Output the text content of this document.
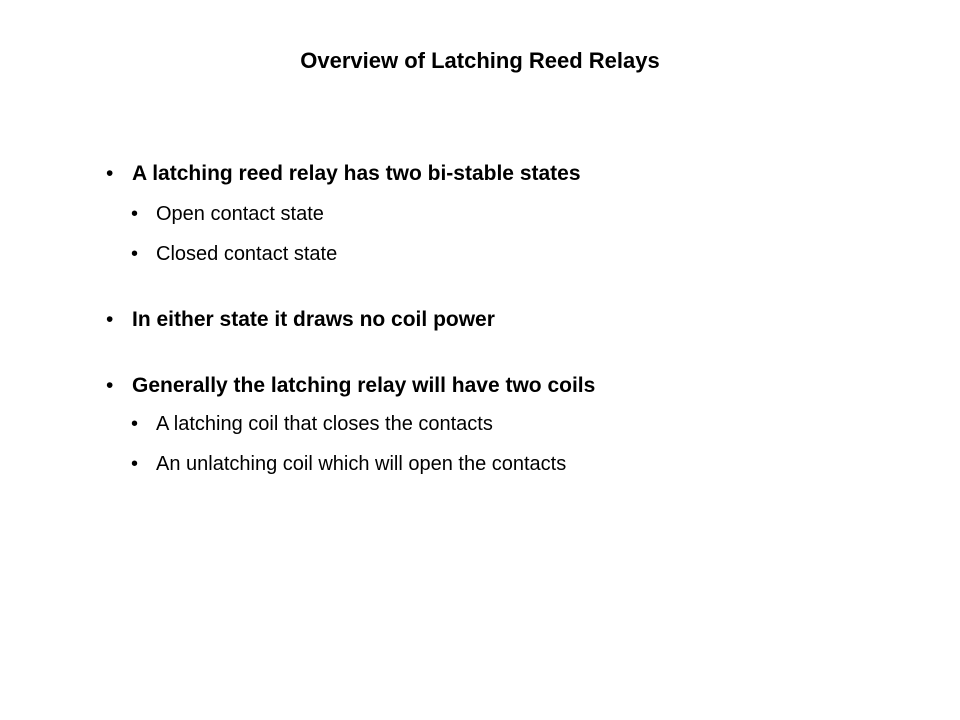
Overview of Latching Reed Relays
• A latching reed relay has two bi-stable states
• Open contact state
• Closed contact state
• In either state it draws no coil power
• Generally the latching relay will have two coils
• A latching coil that closes the contacts
• An unlatching coil which will open the contacts
